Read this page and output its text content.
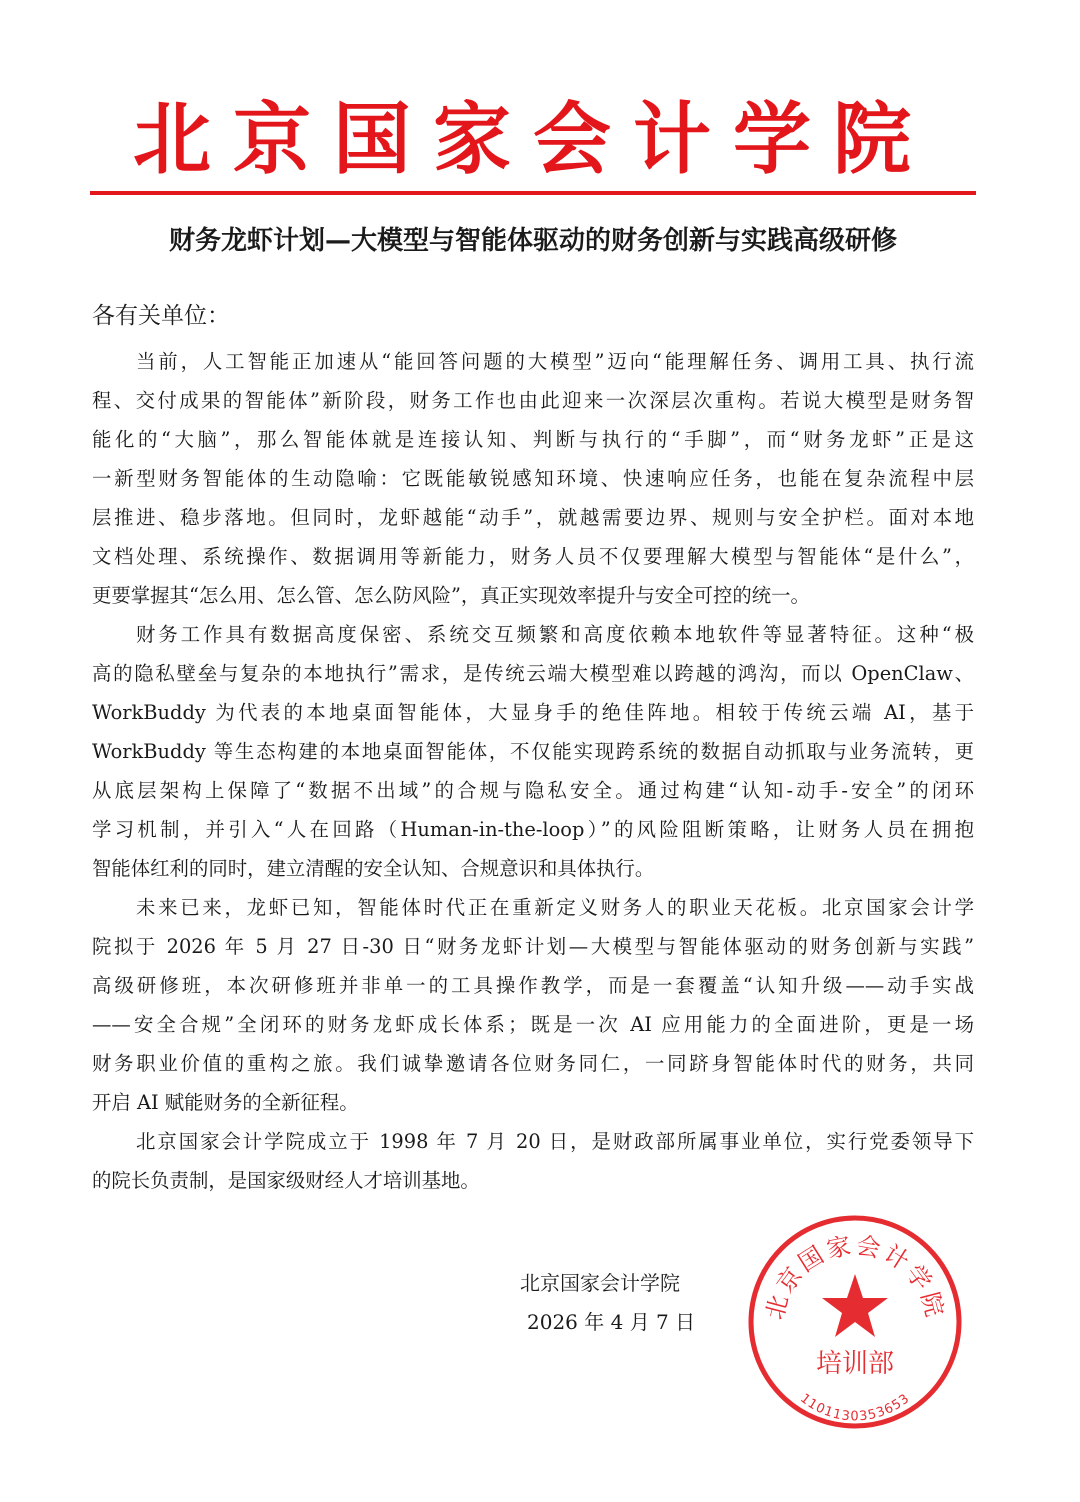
北京国家会计学院
财务龙虾计划—大模型与智能体驱动的财务创新与实践高级研修
各有关单位：
当前，人工智能正加速从“能回答问题的大模型”迈向“能理解任务、调用工具、执行流
程、交付成果的智能体”新阶段，财务工作也由此迎来一次深层次重构。若说大模型是财务智
能化的“大脑”，那么智能体就是连接认知、判断与执行的“手脚”，而“财务龙虾”正是这
一新型财务智能体的生动隐喻：它既能敏锐感知环境、快速响应任务，也能在复杂流程中层
层推进、稳步落地。但同时，龙虾越能“动手”，就越需要边界、规则与安全护栏。面对本地
文档处理、系统操作、数据调用等新能力，财务人员不仅要理解大模型与智能体“是什么”，
更要掌握其“怎么用、怎么管、怎么防风险”，真正实现效率提升与安全可控的统一。
财务工作具有数据高度保密、系统交互频繁和高度依赖本地软件等显著特征。这种“极
高的隐私壁垒与复杂的本地执行”需求，是传统云端大模型难以跨越的鸿沟，而以 OpenClaw、
WorkBuddy 为代表的本地桌面智能体，大显身手的绝佳阵地。相较于传统云端 AI，基于
WorkBuddy 等生态构建的本地桌面智能体，不仅能实现跨系统的数据自动抓取与业务流转，更
从底层架构上保障了“数据不出域”的合规与隐私安全。通过构建“认知-动手-安全”的闭环
学习机制，并引入“人在回路（Human-in-the-loop）”的风险阻断策略，让财务人员在拥抱
智能体红利的同时，建立清醒的安全认知、合规意识和具体执行。
未来已来，龙虾已知，智能体时代正在重新定义财务人的职业天花板。北京国家会计学
院拟于 2026 年 5 月 27 日-30 日“财务龙虾计划—大模型与智能体驱动的财务创新与实践”
高级研修班，本次研修班并非单一的工具操作教学，而是一套覆盖“认知升级——动手实战
——安全合规”全闭环的财务龙虾成长体系；既是一次 AI 应用能力的全面进阶，更是一场
财务职业价值的重构之旅。我们诚挚邀请各位财务同仁，一同跻身智能体时代的财务，共同
开启 AI 赋能财务的全新征程。
北京国家会计学院成立于 1998 年 7 月 20 日，是财政部所属事业单位，实行党委领导下
的院长负责制，是国家级财经人才培训基地。
北京国家会计学院
培训部
1101130353653
北京国家会计学院
2026 年 4 月 7 日
